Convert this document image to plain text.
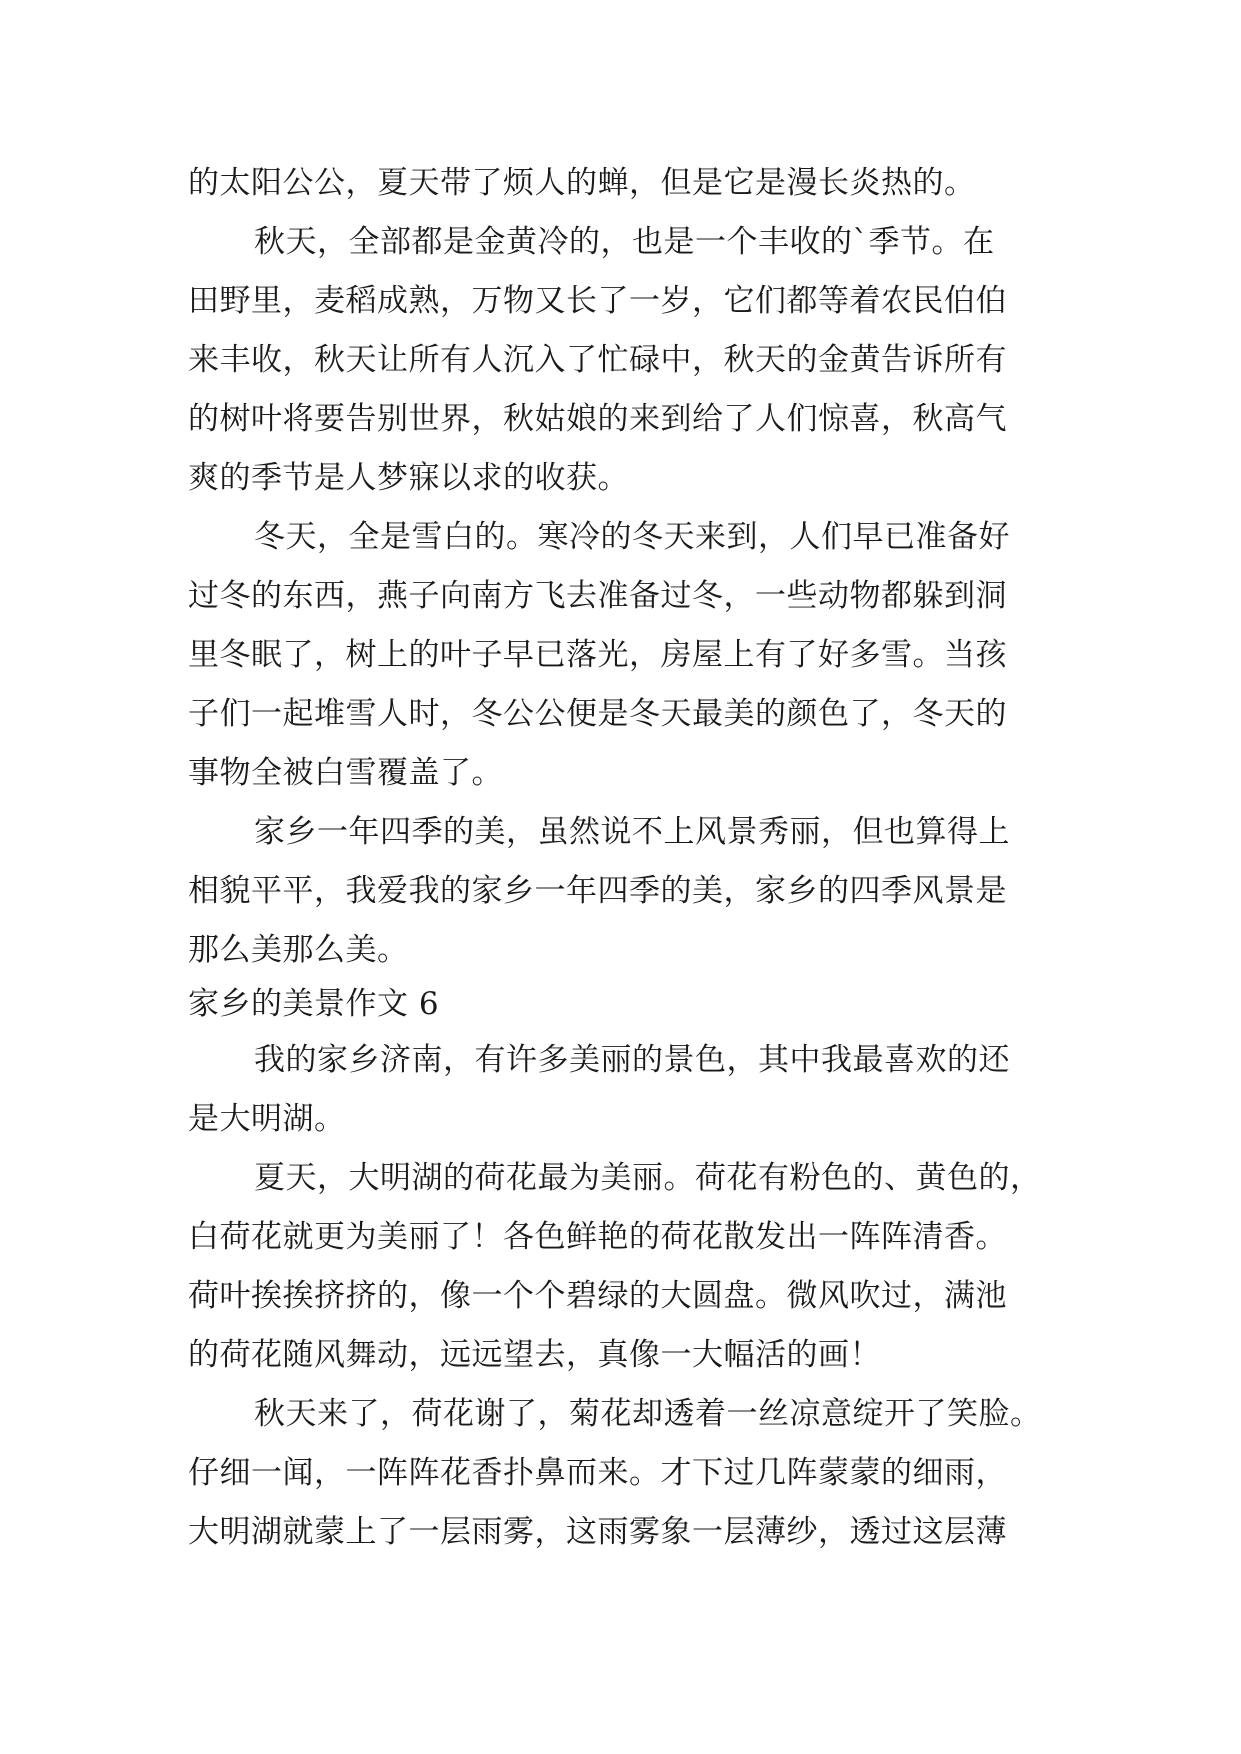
的太阳公公，夏天带了烦人的蝉，但是它是漫长炎热的。
秋天，全部都是金黄冷的，也是一个丰收的`季节。在
田野里，麦稻成熟，万物又长了一岁，它们都等着农民伯伯
来丰收，秋天让所有人沉入了忙碌中，秋天的金黄告诉所有
的树叶将要告别世界，秋姑娘的来到给了人们惊喜，秋高气
爽的季节是人梦寐以求的收获。
冬天，全是雪白的。寒冷的冬天来到，人们早已准备好
过冬的东西，燕子向南方飞去准备过冬，一些动物都躲到洞
里冬眠了，树上的叶子早已落光，房屋上有了好多雪。当孩
子们一起堆雪人时，冬公公便是冬天最美的颜色了，冬天的
事物全被白雪覆盖了。
家乡一年四季的美，虽然说不上风景秀丽，但也算得上
相貌平平，我爱我的家乡一年四季的美，家乡的四季风景是
那么美那么美。
家乡的美景作文 6
我的家乡济南，有许多美丽的景色，其中我最喜欢的还
是大明湖。
夏天，大明湖的荷花最为美丽。荷花有粉色的、黄色的，
白荷花就更为美丽了！各色鲜艳的荷花散发出一阵阵清香。
荷叶挨挨挤挤的，像一个个碧绿的大圆盘。微风吹过，满池
的荷花随风舞动，远远望去，真像一大幅活的画！
秋天来了，荷花谢了，菊花却透着一丝凉意绽开了笑脸。
仔细一闻，一阵阵花香扑鼻而来。才下过几阵蒙蒙的细雨，
大明湖就蒙上了一层雨雾，这雨雾象一层薄纱，透过这层薄
